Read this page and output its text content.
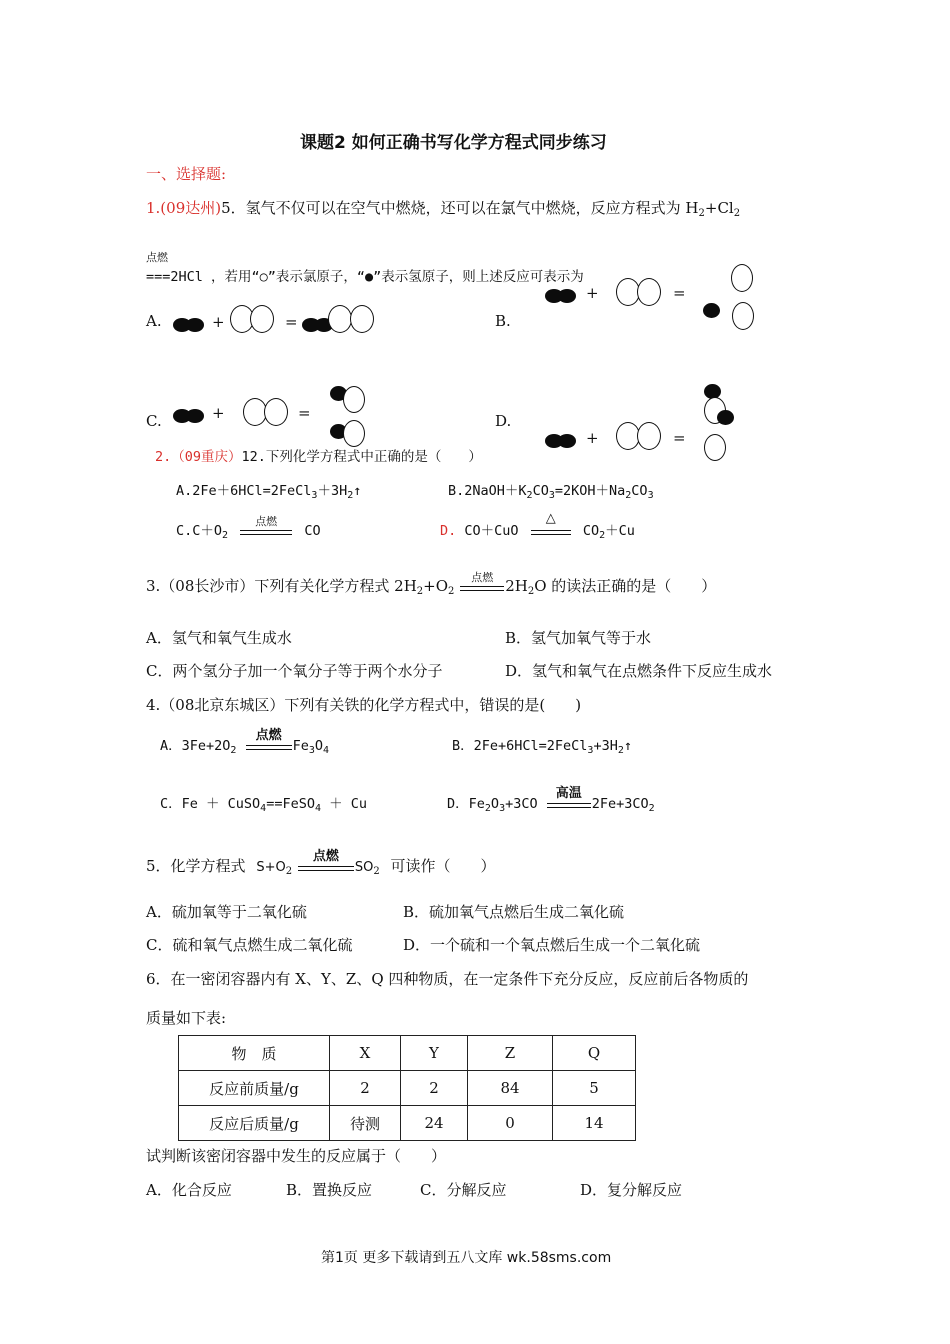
课题2 如何正确书写化学方程式同步练习
一、选择题:
1.(09达州)5．氢气不仅可以在空气中燃烧，还可以在氯气中燃烧，反应方程式为 $H_2+Cl_2$
点燃
===2HCl ，若用“○”表示氯原子，“●”表示氢原子，则上述反应可表示为
A.	+	=	B.
+	=
C.	+	=	D.
+	=
2.（09重庆）12.下列化学方程式中正确的是（　　）
$A.2Fe+6HCl=2FeCl_3+3H_2↑$	$B.2NaOH+K_2CO_3=2KOH+Na_2CO_3$
$C.C+O_2$
点燃
CO	D. CO＋CuO
△
$CO_2+Cu$
3.（08长沙市）下列有关化学方程式 $2H_2+O_2$
点燃 $2H_2O$ 的读法正确的是（　　）
A．氢气和氧气生成水	B．氢气加氧气等于水
C．两个氢分子加一个氧分子等于两个水分子	D．氢气和氧气在点燃条件下反应生成水
4.（08北京东城区）下列有关铁的化学方程式中，错误的是(　　)
A．$3Fe+2O_2$
点燃
$Fe_3O_4$	B．$2Fe+6HCl=2FeCl_3+3H_2↑$
C．Fe ＋ CuSO$_4$==FeSO$_4$ ＋ Cu	D．$Fe_2O_3+3CO$
高温
$2Fe+3CO_2$
5．化学方程式 $S+O_2$
点燃
$SO_2$ 可读作（　　）
A．硫加氧等于二氧化硫	B．硫加氧气点燃后生成二氧化硫
C．硫和氧气点燃生成二氧化硫	D．一个硫和一个氧点燃后生成一个二氧化硫
6．在一密闭容器内有 X、Y、Z、Q 四种物质，在一定条件下充分反应，反应前后各物质的
质量如下表:
物　质	X	Y	Z	Q
反应前质量/g	2	2	84	5
反应后质量/g	待测	24	0	14
试判断该密闭容器中发生的反应属于（　　）
A．化合反应	B．置换反应	C．分解反应	D．复分解反应
第1页 更多下载请到五八文库 wk.58sms.com
